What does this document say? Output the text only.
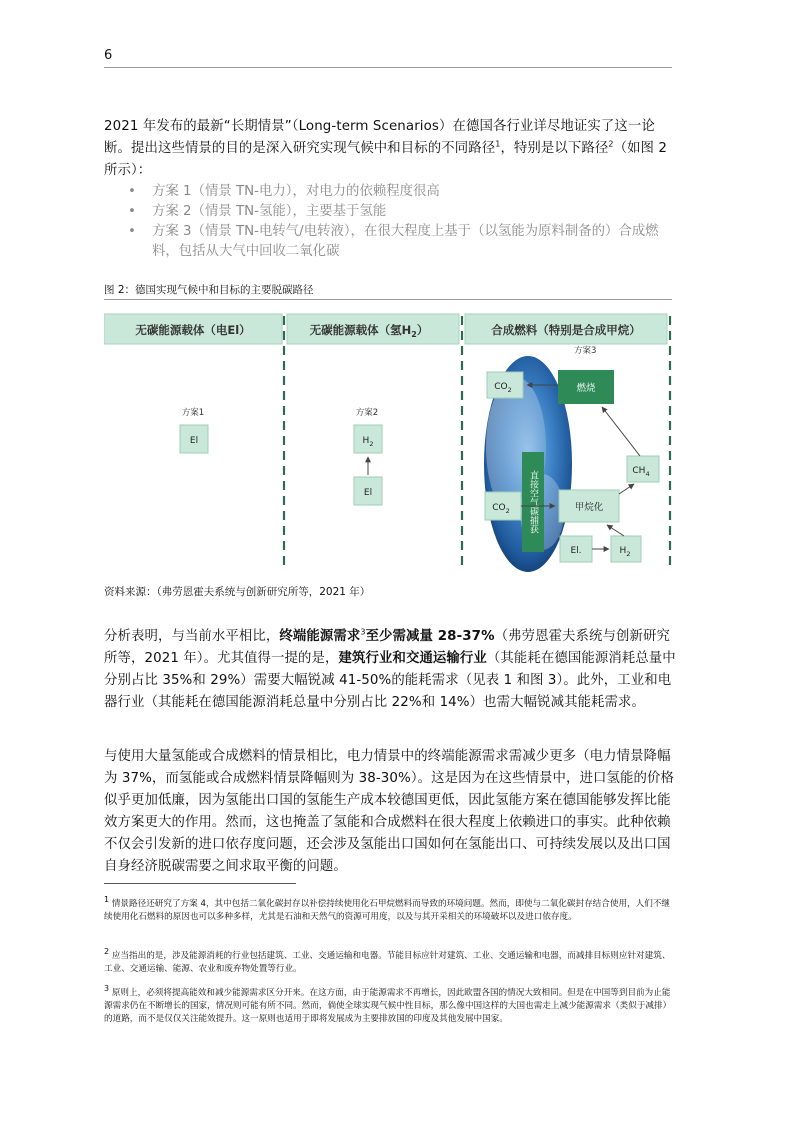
6
2021 年发布的最新“长期情景”（Long-term Scenarios）在德国各行业详尽地证实了这一论断。提出这些情景的目的是深入研究实现气候中和目标的不同路径$^1$，特别是以下路径$^2$（如图 2 所示）：
• 方案 1（情景 TN-电力），对电力的依赖程度很高
• 方案 2（情景 TN-氢能），主要基于氢能
• 方案 3（情景 TN-电转气/电转液），在很大程度上基于（以氢能为原料制备的）合成燃料，包括从大气中回收二氧化碳
图 2：德国实现气候中和目标的主要脱碳路径
无碳能源载体（电El）	无碳能源载体（氢$H_2$）	合成燃料（特别是合成甲烷）
方案1
El
方案2
$H_2$
El
方案3
$CO_2$	燃烧
直接空气碳捕获	$CH_4$
$CO_2$	甲烷化
El.	$H_2$
资料来源：（弗劳恩霍夫系统与创新研究所等，2021 年）
分析表明，与当前水平相比，终端能源需求$^3$至少需减量 28-37%（弗劳恩霍夫系统与创新研究所等，2021 年）。尤其值得一提的是，建筑行业和交通运输行业（其能耗在德国能源消耗总量中分别占比 35%和 29%）需要大幅锐减 41-50%的能耗需求（见表 1 和图 3）。此外，工业和电器行业（其能耗在德国能源消耗总量中分别占比 22%和 14%）也需大幅锐减其能耗需求。
与使用大量氢能或合成燃料的情景相比，电力情景中的终端能源需求需减少更多（电力情景降幅为 37%，而氢能或合成燃料情景降幅则为 38-30%）。这是因为在这些情景中，进口氢能的价格似乎更加低廉，因为氢能出口国的氢能生产成本较德国更低，因此氢能方案在德国能够发挥比能效方案更大的作用。然而，这也掩盖了氢能和合成燃料在很大程度上依赖进口的事实。此种依赖不仅会引发新的进口依存度问题，还会涉及氢能出口国如何在氢能出口、可持续发展以及出口国自身经济脱碳需要之间求取平衡的问题。
$^1$ 情景路径还研究了方案 4，其中包括二氧化碳封存以补偿持续使用化石甲烷燃料而导致的环境问题。然而，即使与二氧化碳封存结合使用，人们不继续使用化石燃料的原因也可以多种多样，尤其是石油和天然气的资源可用度，以及与其开采相关的环境破坏以及进口依存度。
$^2$ 应当指出的是，涉及能源消耗的行业包括建筑、工业、交通运输和电器。节能目标应针对建筑、工业、交通运输和电器，而减排目标则应针对建筑、工业、交通运输、能源、农业和废弃物处置等行业。
$^3$ 原则上，必须将提高能效和减少能源需求区分开来。在这方面，由于能源需求不再增长，因此欧盟各国的情况大致相同。但是在中国等到目前为止能源需求仍在不断增长的国家，情况则可能有所不同。然而，倘使全球实现气候中性目标，那么像中国这样的大国也需走上减少能源需求（类似于减排）的道路，而不是仅仅关注能效提升。这一原则也适用于即将发展成为主要排放国的印度及其他发展中国家。
